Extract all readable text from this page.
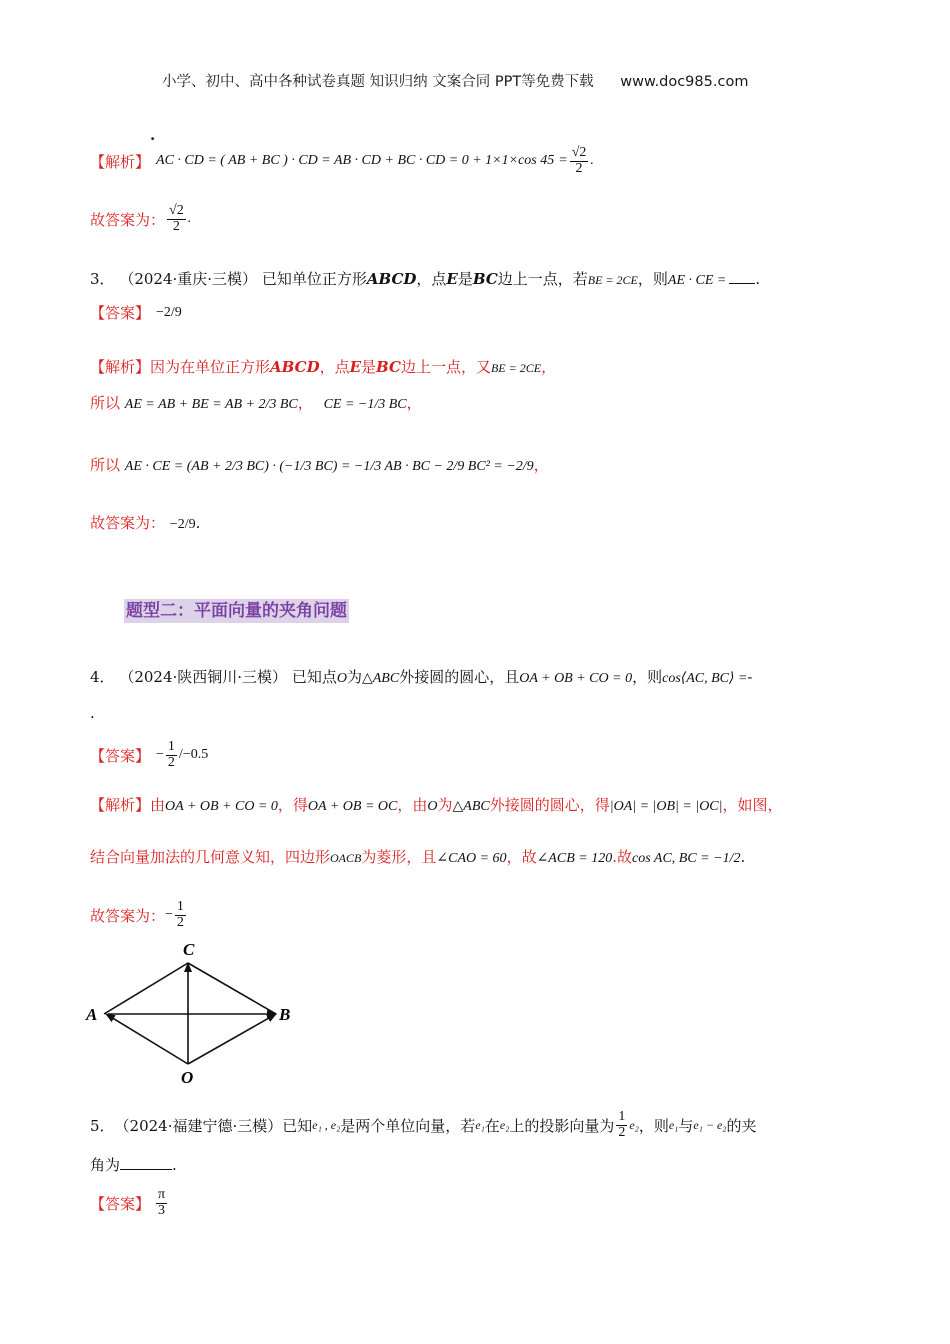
小学、初中、高中各种试卷真题 知识归纳 文案合同 PPT等免费下载 www.doc985.com
.
【解析】 AC · CD = ( AB + BC ) · CD = AB · CD + BC · CD = 0 + 1×1×cos $45 = \frac{√2}{2}$ .
故答案为： $\frac{√2}{2}$ .
3． （2024·重庆·三模） 已知单位正方形ABCD，点E是BC边上一点，若BE = 2CE，则AE · CE = .
【答案】 −2/9
【解析】因为在单位正方形ABCD，点E是BC边上一点，又BE = 2CE，
所以 AE = AB + BE = AB + 2/3 BC， CE = −1/3 BC，
所以 AE · CE = (AB + 2/3 BC) · (−1/3 BC) = −1/3 AB · BC − 2/9 BC² = −2/9，
故答案为： −2/9.
题型二：平面向量的夹角问题
4． （2024·陕西铜川·三模） 已知点O为△ABC外接圆的圆心，且OA + OB + CO = 0，则cos⟨AC, BC⟩ =-
.
【答案】 − $\frac{1}{2} / -0.5$
【解析】由OA + OB + CO = 0，得OA + OB = OC，由O为△ABC外接圆的圆心，得|OA| = |OB| = |OC|，如图，
结合向量加法的几何意义知，四边形OACB为菱形，且∠CAO = 60，故∠ACB = 120.故cos AC, BC = −1/2.
故答案为： − $\frac{1}{2}$
C
A	B
O
5． （2024·福建宁德·三模） 已知 e₁ , e₂ 是两个单位向量，若 e₁ 在 e₂ 上的投影向量为 $\frac{1}{2} e_2$ ，则 e₁ 与 e₁ − e₂ 的夹
角为	.
【答案】 $\frac{\pi}{3}$
